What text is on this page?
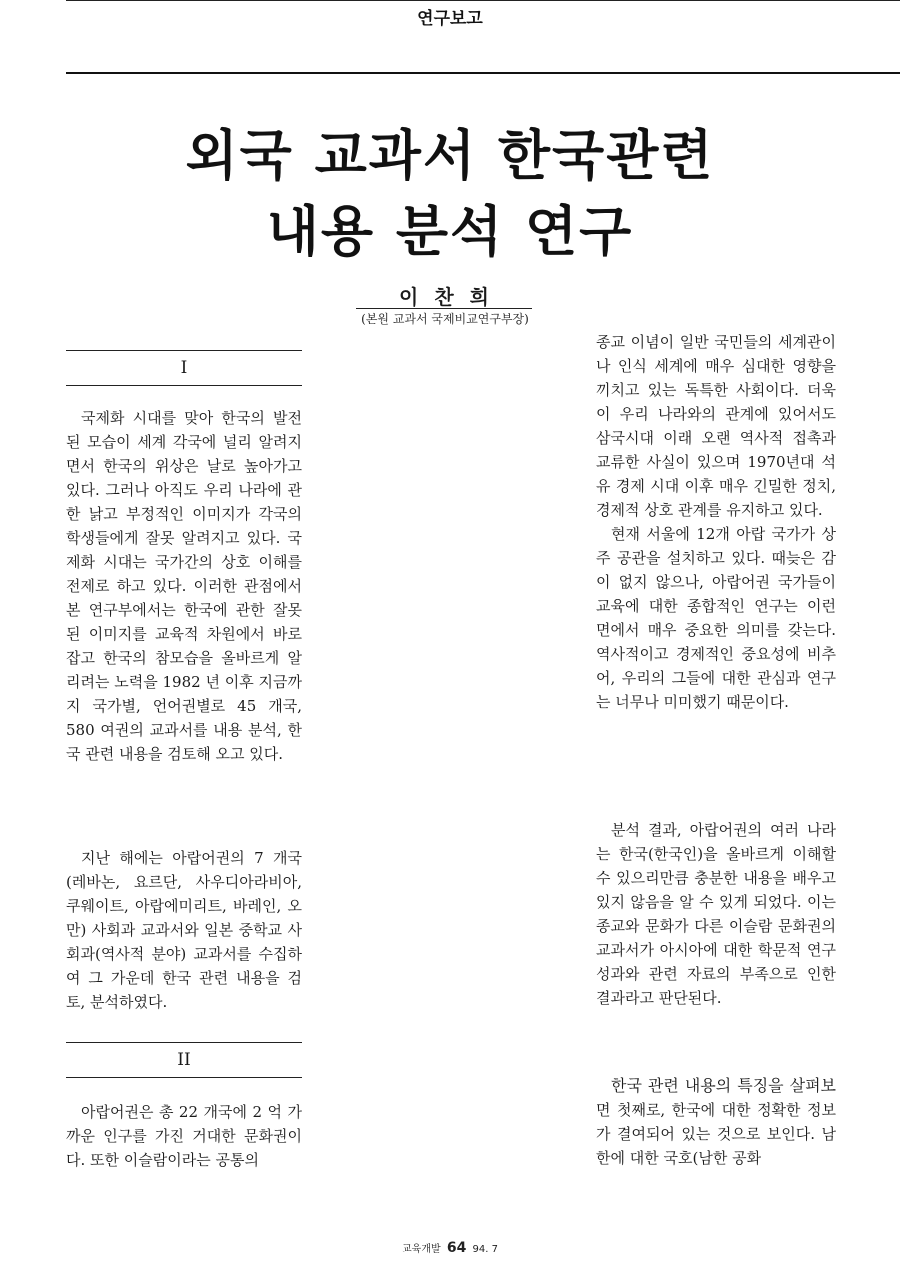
연구보고
외국 교과서 한국관련
내용 분석 연구
이찬희
(본원 교과서 국제비교연구부장)
I

국제화 시대를 맞아 한국의 발전된 모습이 세계 각국에 널리 알려지면서 한국의 위상은 날로 높아가고 있다. 그러나 아직도 우리 나라에 관한 낡고 부정적인 이미지가 각국의 학생들에게 잘못 알려지고 있다. 국제화 시대는 국가간의 상호 이해를 전제로 하고 있다. 이러한 관점에서 본 연구부에서는 한국에 관한 잘못된 이미지를 교육적 차원에서 바로 잡고 한국의 참모습을 올바르게 알리려는 노력을 1982 년 이후 지금까지 국가별, 언어권별로 45 개국, 580 여권의 교과서를 내용 분석, 한국 관련 내용을 검토해 오고 있다.

지난 해에는 아랍어권의 7 개국 (레바논, 요르단, 사우디아라비아, 쿠웨이트, 아랍에미리트, 바레인, 오만) 사회과 교과서와 일본 중학교 사회과(역사적 분야) 교과서를 수집하여 그 가운데 한국 관련 내용을 검토, 분석하였다.

II

아랍어권은 총 22 개국에 2 억 가까운 인구를 가진 거대한 문화권이다. 또한 이슬람이라는 공통의

종교 이념이 일반 국민들의 세계관이나 인식 세계에 매우 심대한 영향을 끼치고 있는 독특한 사회이다. 더욱이 우리 나라와의 관계에 있어서도 삼국시대 이래 오랜 역사적 접촉과 교류한 사실이 있으며 1970년대 석유 경제 시대 이후 매우 긴밀한 정치, 경제적 상호 관계를 유지하고 있다.

현재 서울에 12개 아랍 국가가 상주 공관을 설치하고 있다. 때늦은 감이 없지 않으나, 아랍어권 국가들이 교육에 대한 종합적인 연구는 이런 면에서 매우 중요한 의미를 갖는다. 역사적이고 경제적인 중요성에 비추어, 우리의 그들에 대한 관심과 연구는 너무나 미미했기 때문이다.

분석 결과, 아랍어권의 여러 나라는 한국(한국인)을 올바르게 이해할 수 있으리만큼 충분한 내용을 배우고 있지 않음을 알 수 있게 되었다. 이는 종교와 문화가 다른 이슬람 문화권의 교과서가 아시아에 대한 학문적 연구 성과와 관련 자료의 부족으로 인한 결과라고 판단된다.

한국 관련 내용의 특징을 살펴보면 첫째로, 한국에 대한 정확한 정보가 결여되어 있는 것으로 보인다. 남한에 대한 국호(남한 공화

교육개발 64 94. 7
